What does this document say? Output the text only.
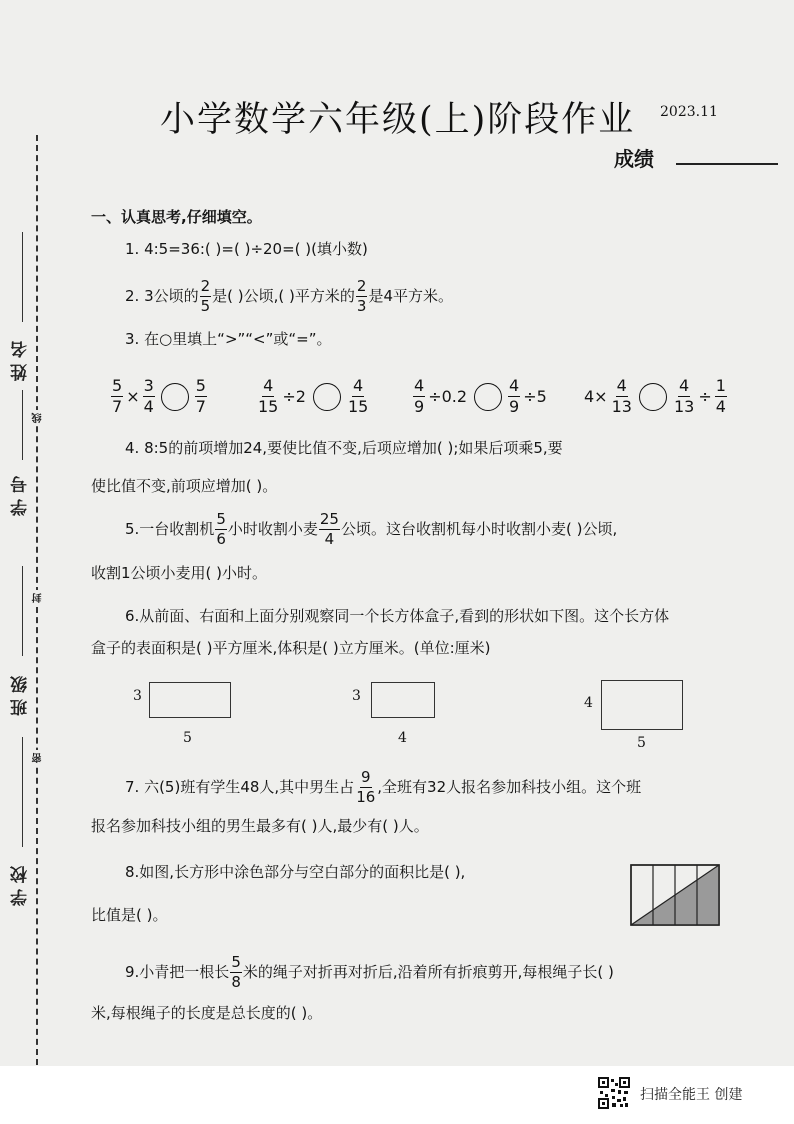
小学数学六年级(上)阶段作业 2023.11
成绩
姓名
学号
班级
学校
线
封
密
一、认真思考,仔细填空。
1. 4:5=36:( )=( )÷20=( )(填小数)
2. 3公顷的 $\frac{2}{5}$ 是( )公顷,( )平方米的 $\frac{2}{3}$ 是4平方米。
3. 在○里填上“>”“<”或“=”。
$\frac{5}{7} \times \frac{3}{4}$	$\frac{5}{7}$	$\frac{4}{15} \div 2$	$\frac{4}{15}$	$\frac{4}{9} \div 0.2$	$\frac{4}{9} \div 5$ $4\times \frac{4}{13}$	$\frac{4}{13} \div \frac{1}{4}$
4. 8:5的前项增加24,要使比值不变,后项应增加( );如果后项乘5,要
使比值不变,前项应增加( )。
5.一台收割机 $\frac{5}{6}$ 小时收割小麦 $\frac{25}{4}$ 公顷。这台收割机每小时收割小麦( )公顷,
收割1公顷小麦用( )小时。
6.从前面、右面和上面分别观察同一个长方体盒子,看到的形状如下图。这个长方体
盒子的表面积是( )平方厘米,体积是( )立方厘米。(单位:厘米)
3
5
3
4
4
5
7. 六(5)班有学生48人,其中男生占 $\frac{9}{16}$ ,全班有32人报名参加科技小组。这个班
报名参加科技小组的男生最多有( )人,最少有( )人。
8.如图,长方形中涂色部分与空白部分的面积比是( ),
比值是( )。
9.小青把一根长 $\frac{5}{8}$ 米的绳子对折再对折后,沿着所有折痕剪开,每根绳子长( )
米,每根绳子的长度是总长度的( )。
扫描全能王 创建
